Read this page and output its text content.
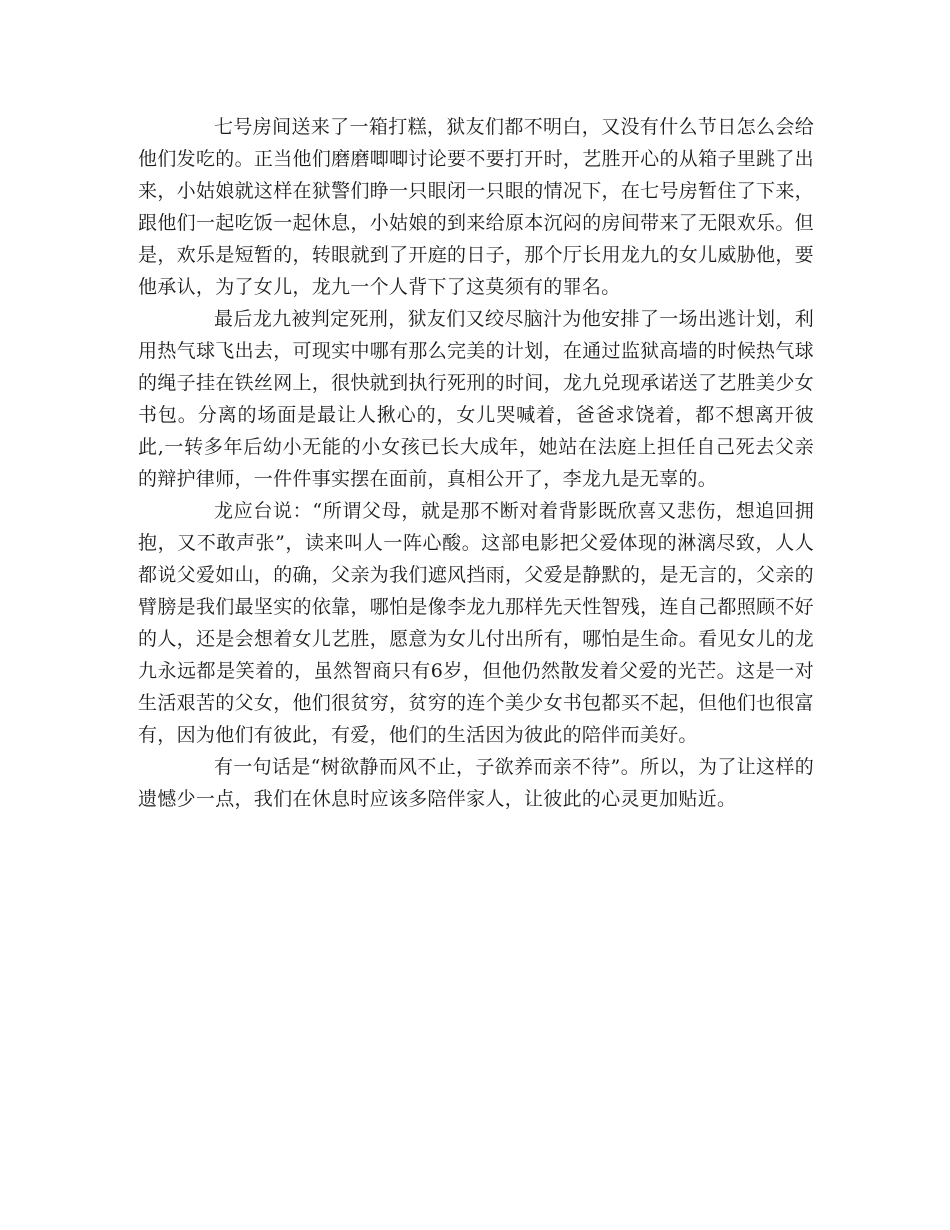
七号房间送来了一箱打糕，狱友们都不明白，又没有什么节日怎么会给他们发吃的。正当他们磨磨唧唧讨论要不要打开时，艺胜开心的从箱子里跳了出来，小姑娘就这样在狱警们睁一只眼闭一只眼的情况下，在七号房暂住了下来，跟他们一起吃饭一起休息，小姑娘的到来给原本沉闷的房间带来了无限欢乐。但是，欢乐是短暂的，转眼就到了开庭的日子，那个厅长用龙九的女儿威胁他，要他承认，为了女儿，龙九一个人背下了这莫须有的罪名。

最后龙九被判定死刑，狱友们又绞尽脑汁为他安排了一场出逃计划，利用热气球飞出去，可现实中哪有那么完美的计划，在通过监狱高墙的时候热气球的绳子挂在铁丝网上，很快就到执行死刑的时间，龙九兑现承诺送了艺胜美少女书包。分离的场面是最让人揪心的，女儿哭喊着，爸爸求饶着，都不想离开彼此,一转多年后幼小无能的小女孩已长大成年，她站在法庭上担任自己死去父亲的辩护律师，一件件事实摆在面前，真相公开了，李龙九是无辜的。

龙应台说：“所谓父母，就是那不断对着背影既欣喜又悲伤，想追回拥抱，又不敢声张”，读来叫人一阵心酸。这部电影把父爱体现的淋漓尽致，人人都说父爱如山，的确，父亲为我们遮风挡雨，父爱是静默的，是无言的，父亲的臂膀是我们最坚实的依靠，哪怕是像李龙九那样先天性智残，连自己都照顾不好的人，还是会想着女儿艺胜，愿意为女儿付出所有，哪怕是生命。看见女儿的龙九永远都是笑着的，虽然智商只有6岁，但他仍然散发着父爱的光芒。这是一对生活艰苦的父女，他们很贫穷，贫穷的连个美少女书包都买不起，但他们也很富有，因为他们有彼此，有爱，他们的生活因为彼此的陪伴而美好。

有一句话是“树欲静而风不止，子欲养而亲不待”。所以，为了让这样的遗憾少一点，我们在休息时应该多陪伴家人，让彼此的心灵更加贴近。
